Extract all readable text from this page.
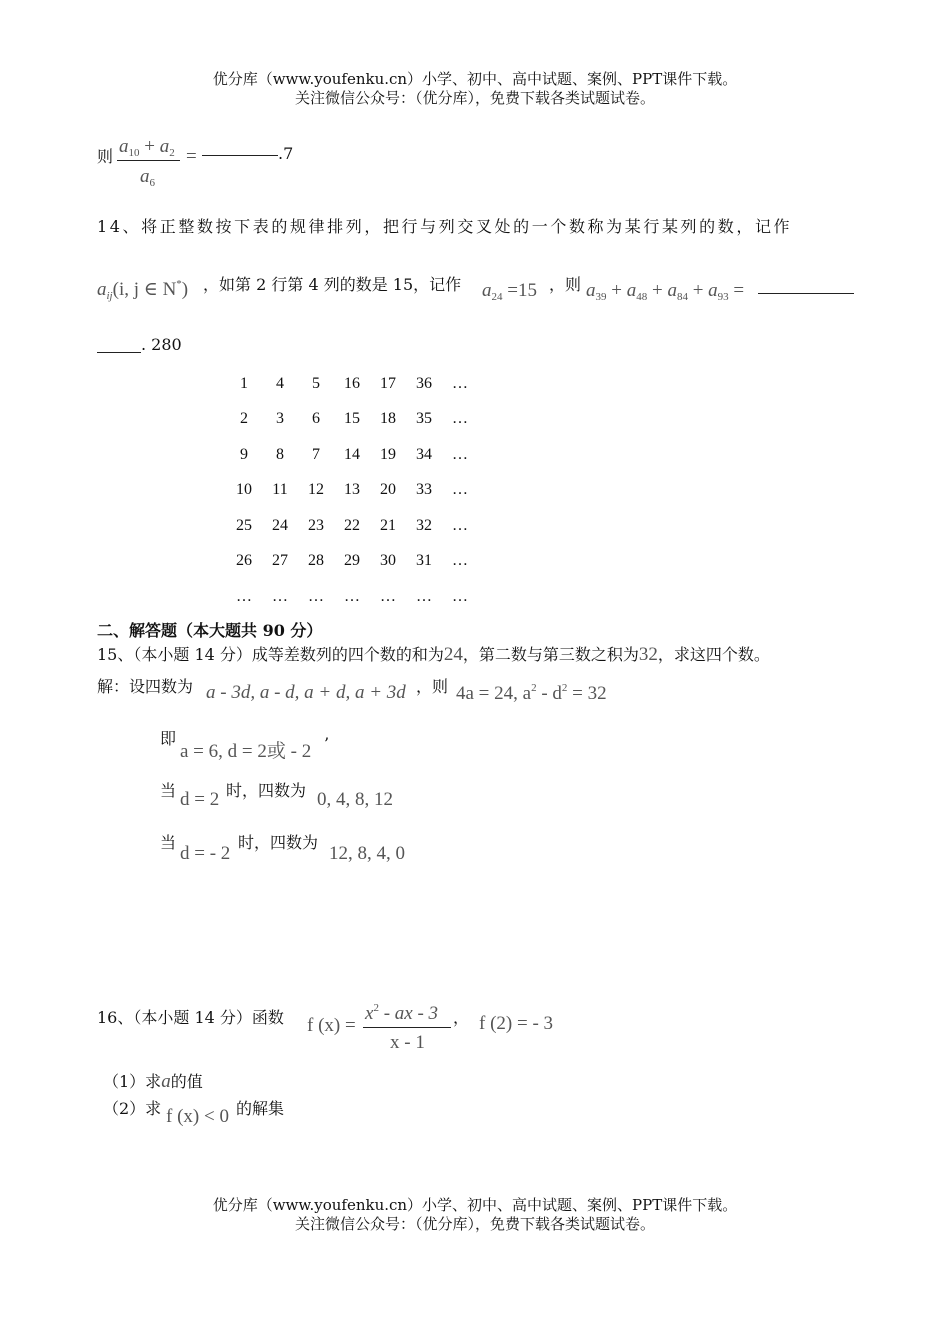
优分库（www.youfenku.cn）小学、初中、高中试题、案例、PPT课件下载。
关注微信公众号：（优分库），免费下载各类试题试卷。
则 $a_{10} + a_2$
$a_6$
=	.7
14、将正整数按下表的规律排列，把行与列交叉处的一个数称为某行某列的数，记作
$a_{ij}(i$, j ∈ N*) ，如第 2 行第 4 列的数是 15，记作 $a_{24} =15$ ，则 $a_{39} + a_{48} + a_{84} + a_{93}$ =
. 280
1	4	5	16	17	36	…
2	3	6	15	18	35	…
9	8	7	14	19	34	…
10	11	12	13	20	33	…
25	24	23	22	21	32	…
26	27	28	29	30	31	…
…	…	…	…	…	…	…
二、解答题（本大题共 90 分）
15、（本小题 14 分）成等差数列的四个数的和为24，第二数与第三数之积为32，求这四个数。
解：设四数为 a - 3d, a - d, a + d, a + 3d ，则 4a = 24, $a^2 - d^2 = 32$
即
a = 6, d = 2或 - 2 ’
当 d = 2 时，四数为 0, 4, 8, 12
当
d = - 2
时，四数为
12, 8, 4, 0
16、（本小题 14 分）函数 f (x) =
$x^2$ - ax - 3
x - 1
， f (2) = - 3
（1）求a的值
（2）求 f (x) < 0 的解集
优分库（www.youfenku.cn）小学、初中、高中试题、案例、PPT课件下载。
关注微信公众号：（优分库），免费下载各类试题试卷。
